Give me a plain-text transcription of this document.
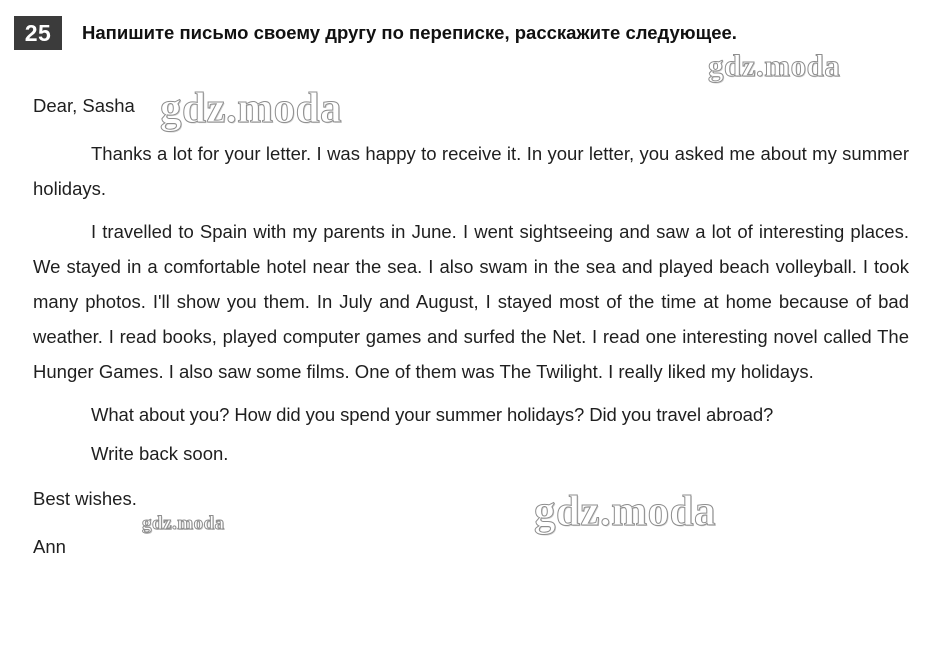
25	Напишите письмо своему другу по переписке, расскажите следующее.

Dear, Sasha

Thanks a lot for your letter. I was happy to receive it. In your letter, you asked me about my summer holidays.

I travelled to Spain with my parents in June. I went sightseeing and saw a lot of interesting places. We stayed in a comfortable hotel near the sea. I also swam in the sea and played beach volleyball. I took many photos. I'll show you them. In July and August, I stayed most of the time at home because of bad weather. I read books, played computer games and surfed the Net. I read one interesting novel called The Hunger Games. I also saw some films. One of them was The Twilight. I really liked my holidays.

What about you? How did you spend your summer holidays? Did you travel abroad?

Write back soon.

Best wishes.

Ann

gdz.moda
gdz.moda
gdz.moda
gdz.moda
